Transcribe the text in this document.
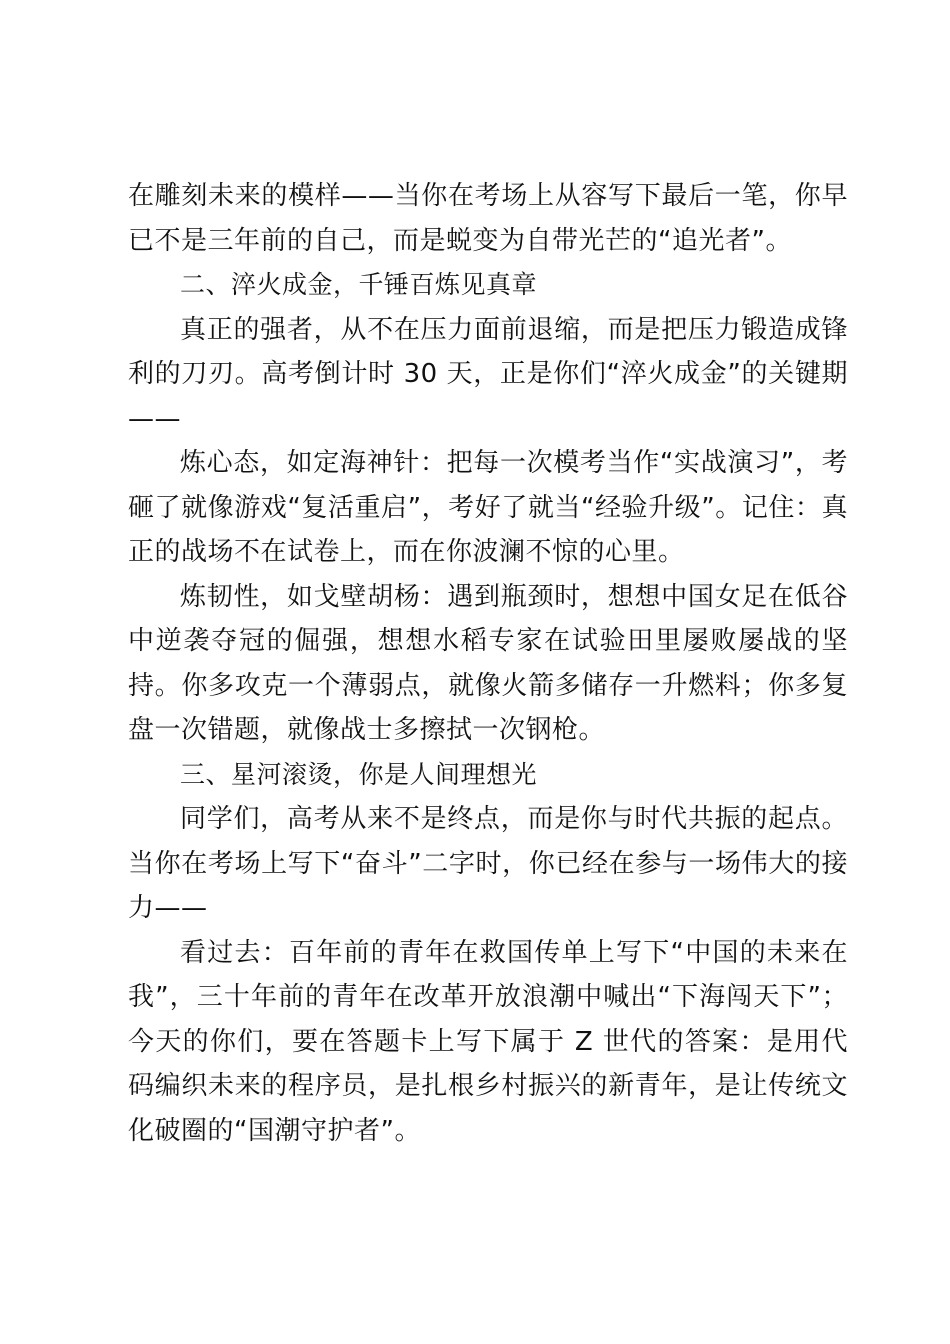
在雕刻未来的模样——当你在考场上从容写下最后一笔，你早已不是三年前的自己，而是蜕变为自带光芒的“追光者”。

二、淬火成金，千锤百炼见真章

真正的强者，从不在压力面前退缩，而是把压力锻造成锋利的刀刃。高考倒计时 30 天，正是你们“淬火成金”的关键期——

炼心态，如定海神针：把每一次模考当作“实战演习”，考砸了就像游戏“复活重启”，考好了就当“经验升级”。记住：真正的战场不在试卷上，而在你波澜不惊的心里。

炼韧性，如戈壁胡杨：遇到瓶颈时，想想中国女足在低谷中逆袭夺冠的倔强，想想水稻专家在试验田里屡败屡战的坚持。你多攻克一个薄弱点，就像火箭多储存一升燃料；你多复盘一次错题，就像战士多擦拭一次钢枪。

三、星河滚烫，你是人间理想光

同学们，高考从来不是终点，而是你与时代共振的起点。当你在考场上写下“奋斗”二字时，你已经在参与一场伟大的接力——

看过去：百年前的青年在救国传单上写下“中国的未来在我”，三十年前的青年在改革开放浪潮中喊出“下海闯天下”；今天的你们，要在答题卡上写下属于 Z 世代的答案：是用代码编织未来的程序员，是扎根乡村振兴的新青年，是让传统文化破圈的“国潮守护者”。
